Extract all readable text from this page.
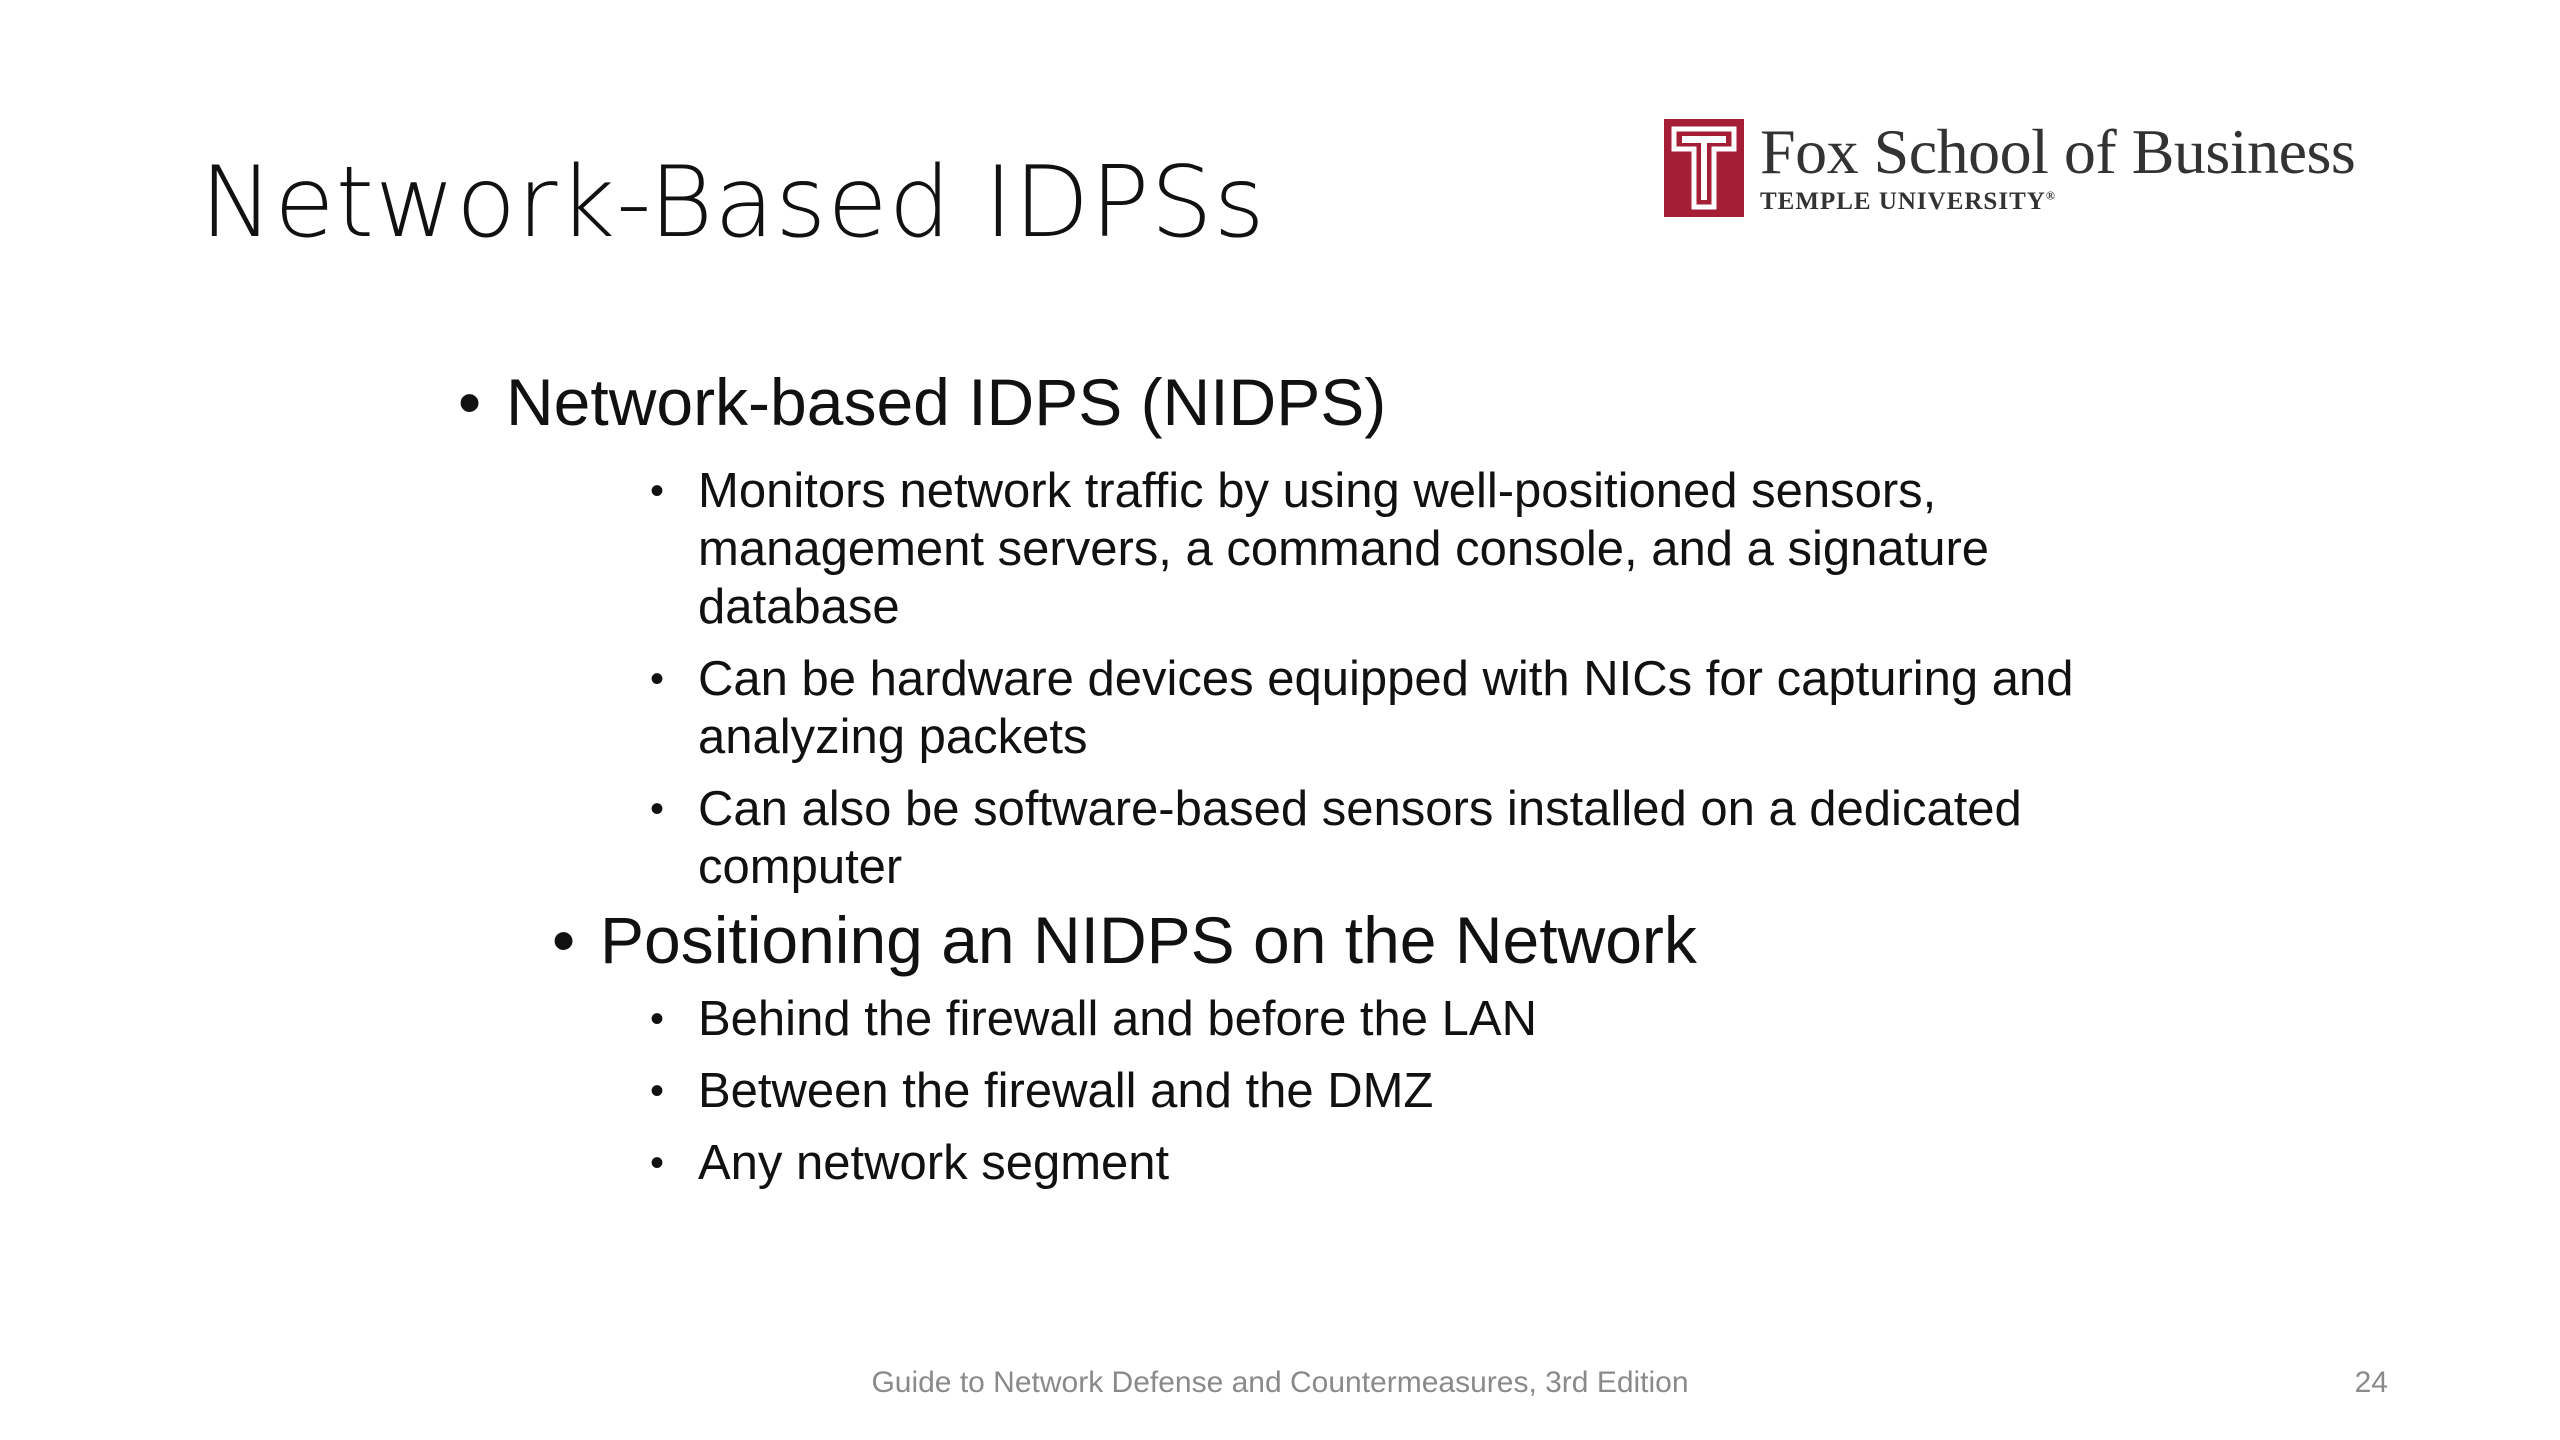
Network-Based IDPSs	Fox School of Business
TEMPLE UNIVERSITY®
• Network-based IDPS (NIDPS)
• Monitors network traffic by using well-positioned sensors, management servers, a command console, and a signature database
• Can be hardware devices equipped with NICs for capturing and analyzing packets
• Can also be software-based sensors installed on a dedicated computer
• Positioning an NIDPS on the Network
• Behind the firewall and before the LAN
• Between the firewall and the DMZ
• Any network segment
Guide to Network Defense and Countermeasures, 3rd Edition	24
